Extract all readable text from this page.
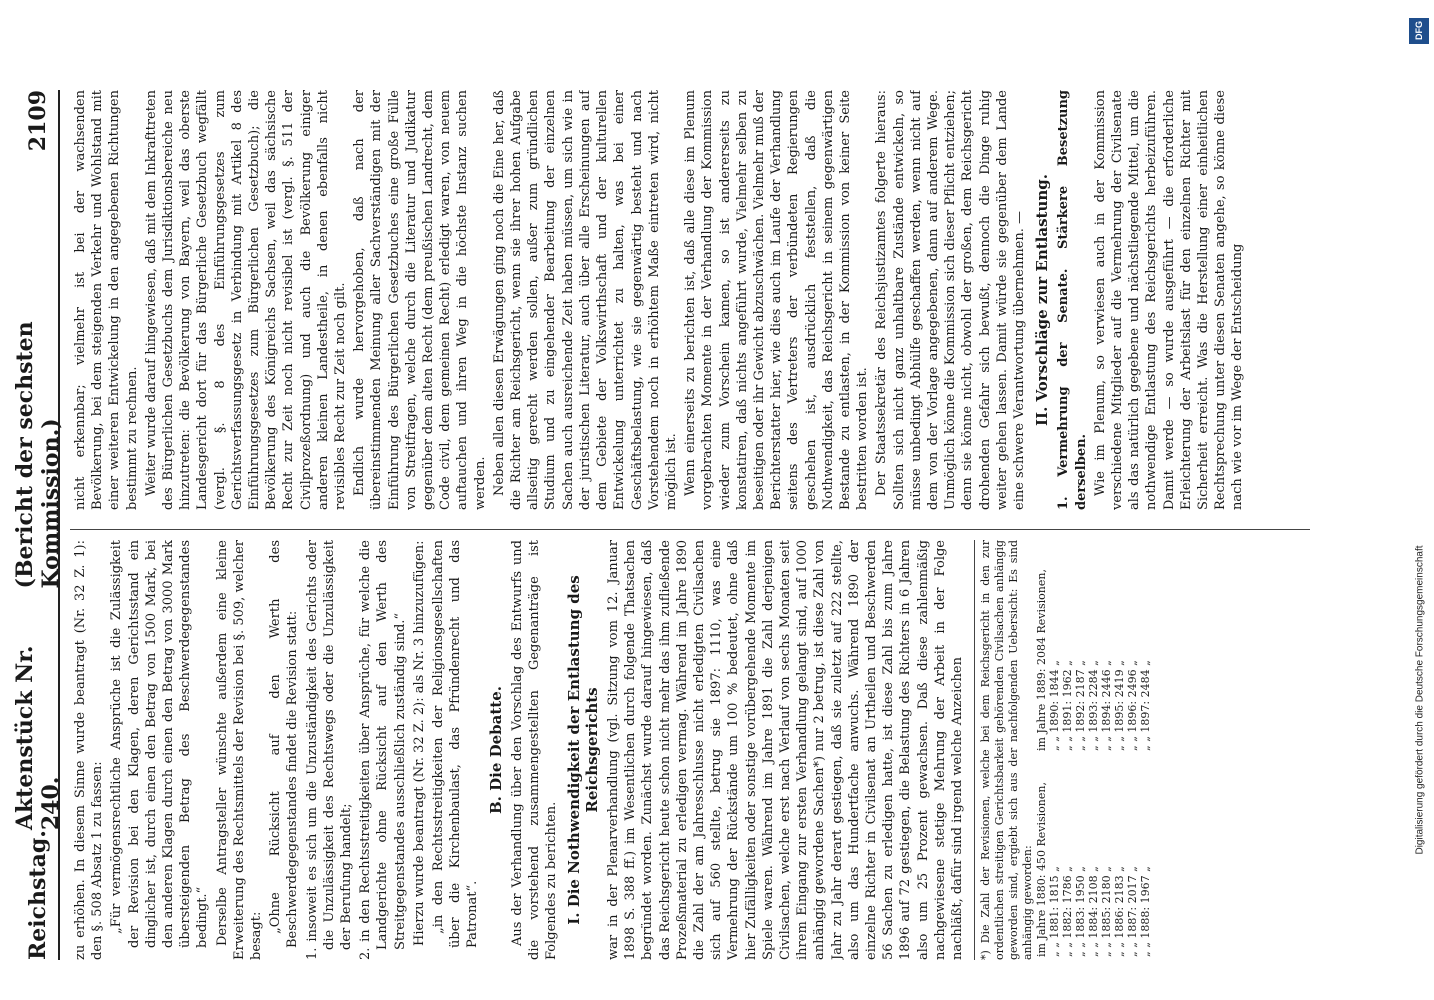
Reichstag.
Aktenstück Nr. 240.
(Bericht der sechsten Kommission.)
2109

zu erhöhen. In diesem Sinne wurde beantragt (Nr. 32 Z. 1): den §. 508 Absatz 1 zu fassen: „Für vermögensrechtliche Ansprüche ist die Zulässigkeit der Revision bei den Klagen, deren Gerichtsstand ein dinglicher ist, durch einen den Betrag von 1500 Mark, bei den anderen Klagen durch einen den Betrag von 3000 Mark übersteigenden Betrag des Beschwerdegegenstandes bedingt.“ Derselbe Antragsteller wünschte außerdem eine kleine Erweiterung des Rechtsmittels der Revision bei §. 509, welcher besagt:

„Ohne Rücksicht auf den Werth des Beschwerdegegenstandes findet die Revision statt: 1. insoweit es sich um die Unzuständigkeit des Gerichts oder die Unzulässigkeit des Rechtswegs oder die Unzulässigkeit der Berufung handelt; 2. in den Rechtsstreitigkeiten über Ansprüche, für welche die Landgerichte ohne Rücksicht auf den Werth des Streitgegenstandes ausschließlich zuständig sind.“ Hierzu wurde beantragt (Nr. 32 Z. 2): als Nr. 3 hinzuzufügen: „in den Rechtsstreitigkeiten der Religionsgesellschaften über die Kirchenbaulast, das Pfründenrecht und das Patronat“.

B. Die Debatte. Aus der Verhandlung über den Vorschlag des Entwurfs und die vorstehend zusammengestellten Gegenanträge ist Folgendes zu berichten. I. Die Nothwendigkeit der Entlastung des Reichsgerichts war in der Plenarverhandlung (vgl. Sitzung vom 12. Januar 1898 S. 388 ff.) im Wesentlichen durch folgende Thatsachen begründet worden. Zunächst wurde darauf hingewiesen, daß das Reichsgericht heute schon nicht mehr das ihm zufließende Prozeßmaterial zu erledigen vermag. Während im Jahre 1890 die Zahl der am Jahresschlusse nicht erledigten Civilsachen sich auf 560 stellte, betrug sie 1897: 1110, was eine Vermehrung der Rückstände um 100 % bedeutet, ohne daß hier Zufälligkeiten oder sonstige vorübergehende Momente im Spiele waren. Während im Jahre 1891 die Zahl derjenigen Civilsachen, welche erst nach Verlauf von sechs Monaten seit ihrem Eingang zur ersten Verhandlung gelangt sind, auf 1000 anhängig gewordene Sachen*) nur 2 betrug, ist diese Zahl von Jahr zu Jahr derart gestiegen, daß sie zuletzt auf 222 stellte, also um das Hundertfache anwuchs. Während 1890 der einzelne Richter in Civilsenat an Urtheilen und Beschwerden 56 Sachen zu erledigen hatte, ist diese Zahl bis zum Jahre 1896 auf 72 gestiegen, die Belastung des Richters in 6 Jahren also um 25 Prozent gewachsen. Daß diese zahlenmäßig nachgewiesene stetige Mehrung der Arbeit in der Folge nachläßt, dafür sind irgend welche Anzeichen *) Die Zahl der Revisionen, welche bei dem Reichsgericht in den zur ordentlichen streitigen Gerichtsbarkeit gehörenden Civilsachen anhängig geworden sind, ergiebt sich aus der nachfolgenden Uebersicht: Es sind anhängig geworden: im Jahre 1880: 450 Revisionen,	im Jahre 1889: 2084 Revisionen,
„ „ 1881: 1815 „	„ „ 1890: 1844 „
„ „ 1882: 1786 „	„ „ 1891: 1962 „
„ „ 1883: 1950 „	„ „ 1892: 2187 „
„ „ 1884: 2108 „	„ „ 1893: 2284 „
„ „ 1885: 2180 „	„ „ 1894: 2446 „
„ „ 1886: 2183 „	„ „ 1895: 2419 „
„ „ 1887: 2017 „	„ „ 1896: 2496 „
„ „ 1888: 1967 „	„ „ 1897: 2484 „

nicht erkennbar; vielmehr ist bei der wachsenden Bevölkerung, bei dem steigenden Verkehr und Wohlstand mit einer weiteren Entwickelung in den angegebenen Richtungen bestimmt zu rechnen. Weiter wurde darauf hingewiesen, daß mit dem Inkrafttreten des Bürgerlichen Gesetzbuchs dem Jurisdiktionsbereiche neu hinzutreten: die Bevölkerung von Bayern, weil das oberste Landesgericht dort für das Bürgerliche Gesetzbuch wegfällt (vergl. §. 8 des Einführungsgesetzes zum Gerichtsverfassungsgesetz in Verbindung mit Artikel 8 des Einführungsgesetzes zum Bürgerlichen Gesetzbuch); die Bevölkerung des Königreichs Sachsen, weil das sächsische Recht zur Zeit noch nicht revisibel ist (vergl. §. 511 der Civilprozeßordnung) und auch die Bevölkerung einiger anderen kleinen Landestheile, in denen ebenfalls nicht revisibles Recht zur Zeit noch gilt. Endlich wurde hervorgehoben, daß nach der übereinstimmenden Meinung aller Sachverständigen mit der Einführung des Bürgerlichen Gesetzbuches eine große Fülle von Streitfragen, welche durch die Literatur und Judikatur gegenüber dem alten Recht (dem preußischen Landrecht, dem Code civil, dem gemeinen Recht) erledigt waren, von neuem auftauchen und ihren Weg in die höchste Instanz suchen werden. Neben allen diesen Erwägungen ging noch die Eine her, daß die Richter am Reichsgericht, wenn sie ihrer hohen Aufgabe allseitig gerecht werden sollen, außer zum gründlichen Studium und zu eingehender Bearbeitung der einzelnen Sachen auch ausreichende Zeit haben müssen, um sich wie in der juristischen Literatur, auch über alle Erscheinungen auf dem Gebiete der Volkswirthschaft und der kulturellen Entwickelung unterrichtet zu halten, was bei einer Geschäftsbelastung, wie sie gegenwärtig besteht und nach Vorstehendem noch in erhöhtem Maße eintreten wird, nicht möglich ist. Wenn einerseits zu berichten ist, daß alle diese im Plenum vorgebrachten Momente in der Verhandlung der Kommission wieder zum Vorschein kamen, so ist andererseits zu konstatiren, daß nichts angeführt wurde, Vielmehr selben zu beseitigen oder ihr Gewicht abzuschwächen. Vielmehr muß der Berichterstatter hier, wie dies auch im Laufe der Verhandlung seitens des Vertreters der verbündeten Regierungen geschehen ist, ausdrücklich feststellen, daß die Nothwendigkeit, das Reichsgericht in seinem gegenwärtigen Bestande zu entlasten, in der Kommission von keiner Seite bestritten worden ist. Der Staatssekretär des Reichsjustizamtes folgerte hieraus: Sollten sich nicht ganz unhaltbare Zustände entwickeln, so müsse unbedingt Abhülfe geschaffen werden, wenn nicht auf dem von der Vorlage angegebenen, dann auf anderem Wege. Unmöglich könne die Kommission sich dieser Pflicht entziehen; denn sie könne nicht, obwohl der großen, dem Reichsgericht drohenden Gefahr sich bewußt, dennoch die Dinge ruhig weiter gehen lassen. Damit würde sie gegenüber dem Lande eine schwere Verantwortung übernehmen. — II. Vorschläge zur Entlastung. 1. Vermehrung der Senate. Stärkere Besetzung derselben. Wie im Plenum, so verwiesen auch in der Kommission verschiedene Mitglieder auf die Vermehrung der Civilsenate als das natürlich gegebene und nächstliegende Mittel, um die nothwendige Entlastung des Reichsgerichts herbeizuführen. Damit werde — so wurde ausgeführt — die erforderliche Erleichterung der Arbeitslast für den einzelnen Richter mit Sicherheit erreicht. Was die Herstellung einer einheitlichen Rechtsprechung unter diesen Senaten angehe, so könne diese nach wie vor im Wege der Entscheidung

DFG
Digitalisierung gefördert durch die Deutsche Forschungsgemeinschaft
